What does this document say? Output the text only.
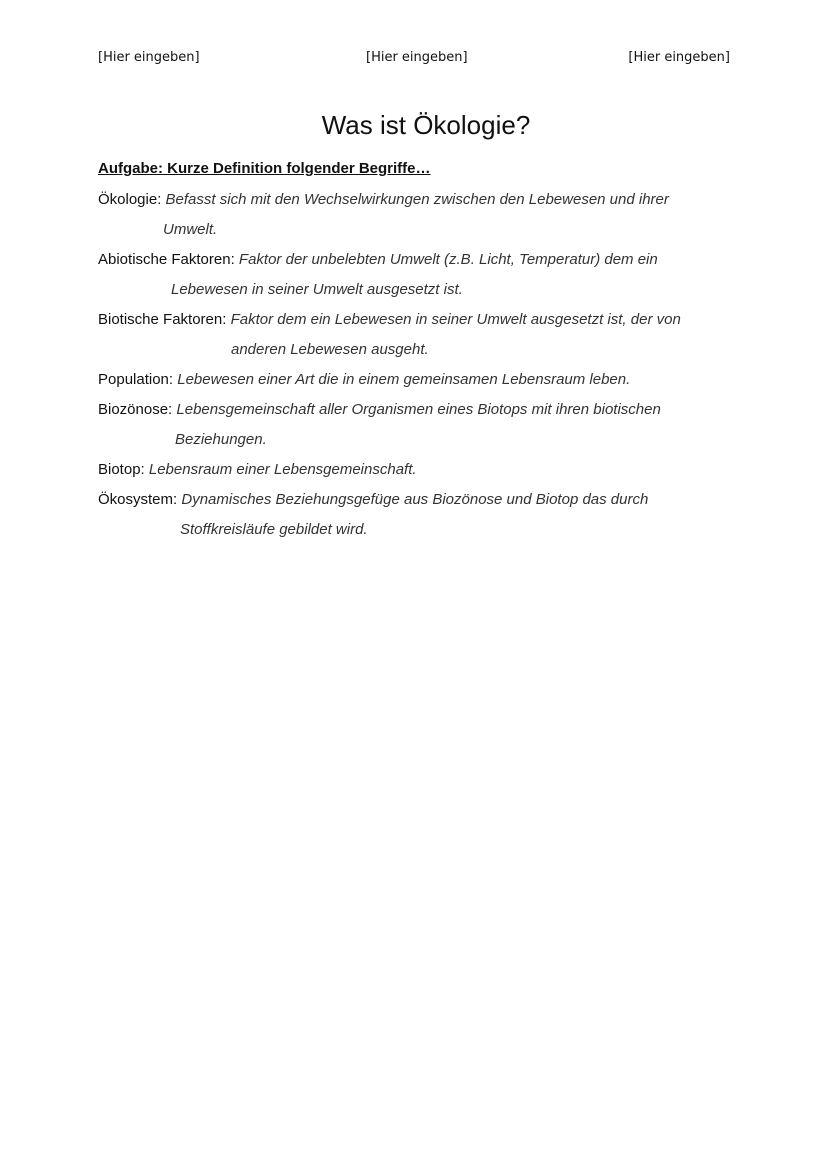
[Hier eingeben]	[Hier eingeben]	[Hier eingeben]
Was ist Ökologie?
Aufgabe: Kurze Definition folgender Begriffe…
Ökologie: Befasst sich mit den Wechselwirkungen zwischen den Lebewesen und ihrer
Umwelt.
Abiotische Faktoren: Faktor der unbelebten Umwelt (z.B. Licht, Temperatur) dem ein
Lebewesen in seiner Umwelt ausgesetzt ist.
Biotische Faktoren: Faktor dem ein Lebewesen in seiner Umwelt ausgesetzt ist, der von
anderen Lebewesen ausgeht.
Population: Lebewesen einer Art die in einem gemeinsamen Lebensraum leben.
Biozönose: Lebensgemeinschaft aller Organismen eines Biotops mit ihren biotischen
Beziehungen.
Biotop: Lebensraum einer Lebensgemeinschaft.
Ökosystem: Dynamisches Beziehungsgefüge aus Biozönose und Biotop das durch
Stoffkreisläufe gebildet wird.
